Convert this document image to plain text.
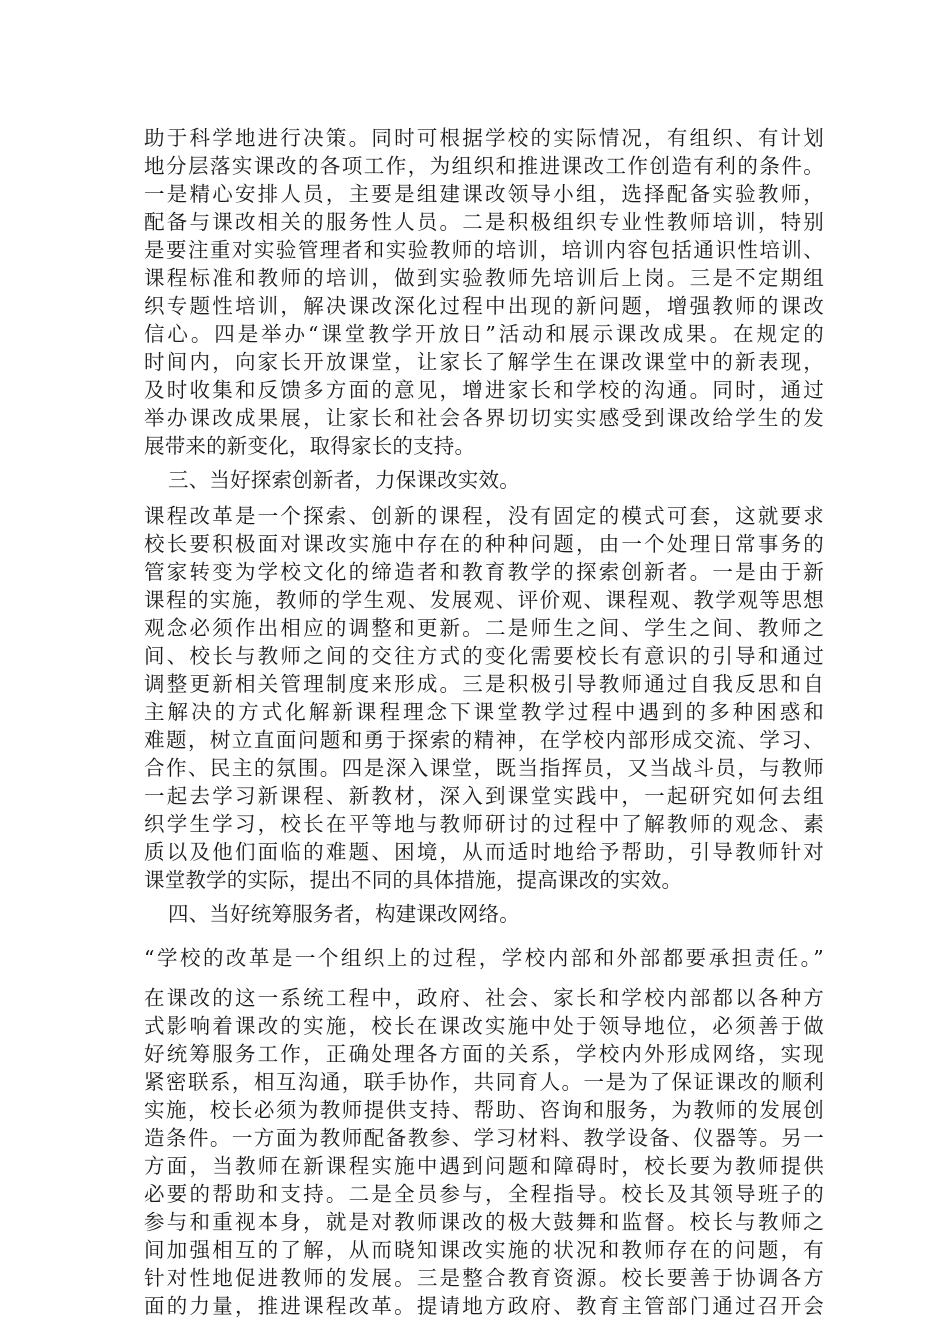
助于科学地进行决策。同时可根据学校的实际情况，有组织、有计划
地分层落实课改的各项工作，为组织和推进课改工作创造有利的条件。
一是精心安排人员，主要是组建课改领导小组，选择配备实验教师，
配备与课改相关的服务性人员。二是积极组织专业性教师培训，特别
是要注重对实验管理者和实验教师的培训，培训内容包括通识性培训、
课程标准和教师的培训，做到实验教师先培训后上岗。三是不定期组
织专题性培训，解决课改深化过程中出现的新问题，增强教师的课改
信心。四是举办“课堂教学开放日”活动和展示课改成果。在规定的
时间内，向家长开放课堂，让家长了解学生在课改课堂中的新表现，
及时收集和反馈多方面的意见，增进家长和学校的沟通。同时，通过
举办课改成果展，让家长和社会各界切切实实感受到课改给学生的发
展带来的新变化，取得家长的支持。
三、当好探索创新者，力保课改实效。
课程改革是一个探索、创新的课程，没有固定的模式可套，这就要求
校长要积极面对课改实施中存在的种种问题，由一个处理日常事务的
管家转变为学校文化的缔造者和教育教学的探索创新者。一是由于新
课程的实施，教师的学生观、发展观、评价观、课程观、教学观等思想
观念必须作出相应的调整和更新。二是师生之间、学生之间、教师之
间、校长与教师之间的交往方式的变化需要校长有意识的引导和通过
调整更新相关管理制度来形成。三是积极引导教师通过自我反思和自
主解决的方式化解新课程理念下课堂教学过程中遇到的多种困惑和
难题，树立直面问题和勇于探索的精神，在学校内部形成交流、学习、
合作、民主的氛围。四是深入课堂，既当指挥员，又当战斗员，与教师
一起去学习新课程、新教材，深入到课堂实践中，一起研究如何去组
织学生学习，校长在平等地与教师研讨的过程中了解教师的观念、素
质以及他们面临的难题、困境，从而适时地给予帮助，引导教师针对
课堂教学的实际，提出不同的具体措施，提高课改的实效。
四、当好统筹服务者，构建课改网络。
“学校的改革是一个组织上的过程，学校内部和外部都要承担责任。”
在课改的这一系统工程中，政府、社会、家长和学校内部都以各种方
式影响着课改的实施，校长在课改实施中处于领导地位，必须善于做
好统筹服务工作，正确处理各方面的关系，学校内外形成网络，实现
紧密联系，相互沟通，联手协作，共同育人。一是为了保证课改的顺利
实施，校长必须为教师提供支持、帮助、咨询和服务，为教师的发展创
造条件。一方面为教师配备教参、学习材料、教学设备、仪器等。另一
方面，当教师在新课程实施中遇到问题和障碍时，校长要为教师提供
必要的帮助和支持。二是全员参与，全程指导。校长及其领导班子的
参与和重视本身，就是对教师课改的极大鼓舞和监督。校长与教师之
间加强相互的了解，从而晓知课改实施的状况和教师存在的问题，有
针对性地促进教师的发展。三是整合教育资源。校长要善于协调各方
面的力量，推进课程改革。提请地方政府、教育主管部门通过召开会
